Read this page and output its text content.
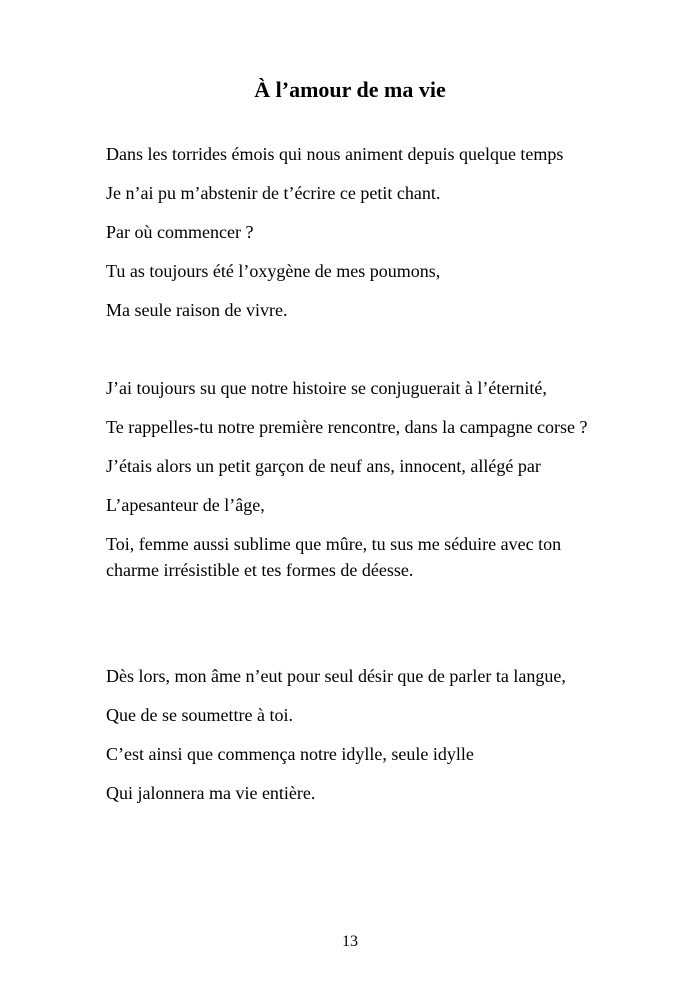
À l’amour de ma vie

Dans les torrides émois qui nous animent depuis quelque temps

Je n’ai pu m’abstenir de t’écrire ce petit chant.

Par où commencer ?

Tu as toujours été l’oxygène de mes poumons,

Ma seule raison de vivre.

J’ai toujours su que notre histoire se conjuguerait à l’éternité,

Te rappelles-tu notre première rencontre, dans la campagne corse ?

J’étais alors un petit garçon de neuf ans, innocent, allégé par

L’apesanteur de l’âge,

Toi, femme aussi sublime que mûre, tu sus me séduire avec ton charme irrésistible et tes formes de déesse.

Dès lors, mon âme n’eut pour seul désir que de parler ta langue,

Que de se soumettre à toi.

C’est ainsi que commença notre idylle, seule idylle

Qui jalonnera ma vie entière.

13
